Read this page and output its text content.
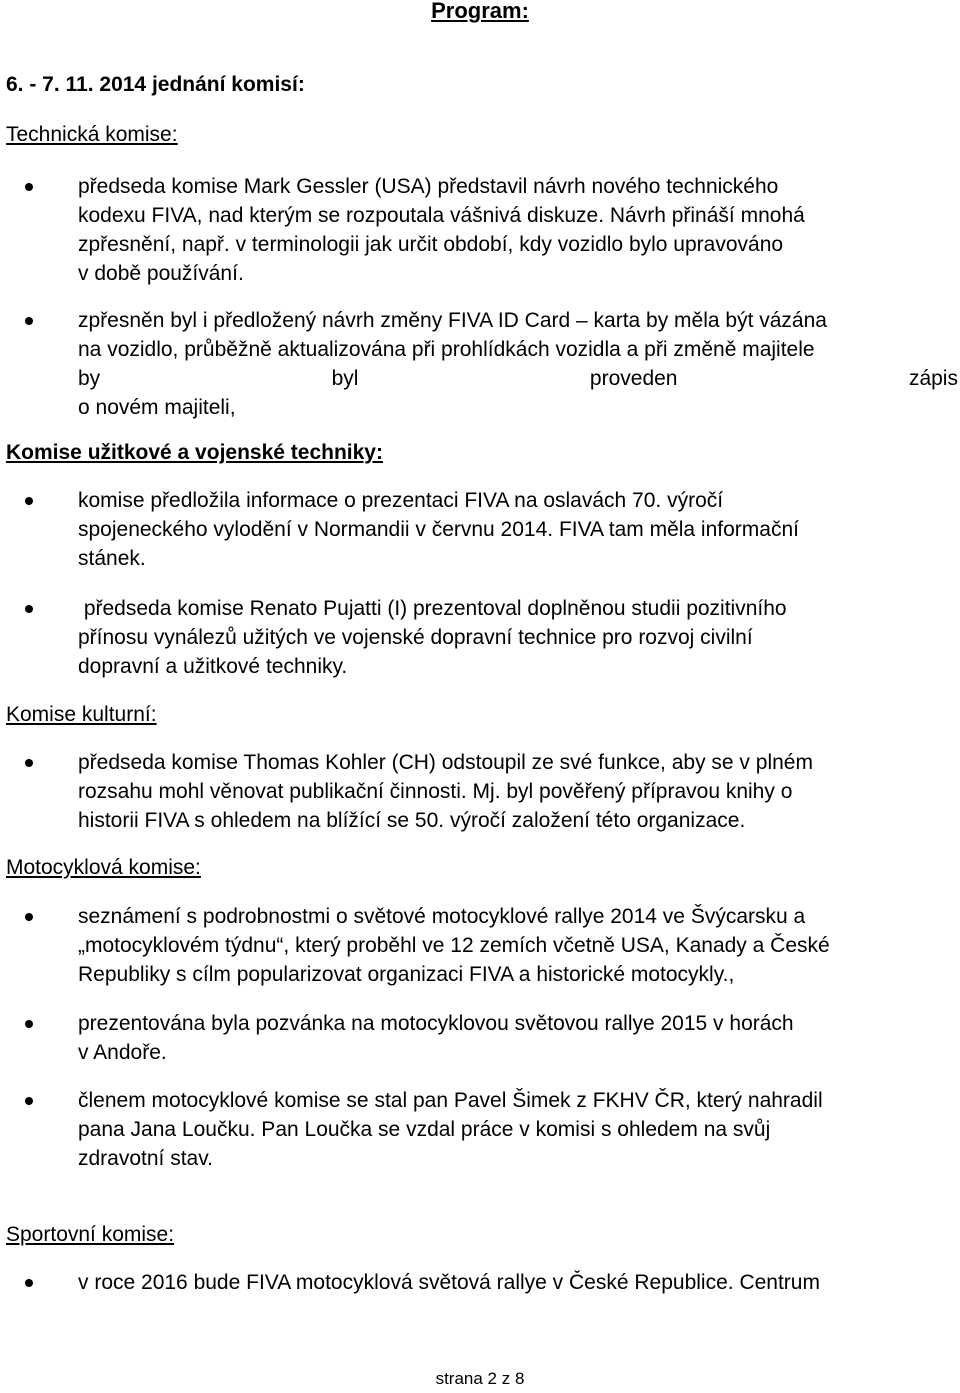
Program:
6. - 7. 11. 2014 jednání komisí:
Technická komise:
předseda komise Mark Gessler (USA) představil návrh nového technického
kodexu FIVA, nad kterým se rozpoutala vášnivá diskuze. Návrh přináší mnohá
zpřesnění, např. v terminologii jak určit období, kdy vozidlo bylo upravováno
v době používání.
zpřesněn byl i předložený návrh změny FIVA ID Card – karta by měla být vázána
na vozidlo, průběžně aktualizována při prohlídkách vozidla a při změně majitele
by	byl	proveden	zápis
o novém majiteli,
Komise užitkové a vojenské techniky:
komise předložila informace o prezentaci FIVA na oslavách 70. výročí
spojeneckého vylodění v Normandii v červnu 2014. FIVA tam měla informační
stánek.
předseda komise Renato Pujatti (I) prezentoval doplněnou studii pozitivního
přínosu vynálezů užitých ve vojenské dopravní technice pro rozvoj civilní
dopravní a užitkové techniky.
Komise kulturní:
předseda komise Thomas Kohler (CH) odstoupil ze své funkce, aby se v plném
rozsahu mohl věnovat publikační činnosti. Mj. byl pověřený přípravou knihy o
historii FIVA s ohledem na blížící se 50. výročí založení této organizace.
Motocyklová komise:
seznámení s podrobnostmi o světové motocyklové rallye 2014 ve Švýcarsku a
„motocyklovém týdnu“, který proběhl ve 12 zemích včetně USA, Kanady a České
Republiky s cílm popularizovat organizaci FIVA a historické motocykly.,
prezentována byla pozvánka na motocyklovou světovou rallye 2015 v horách
v Andoře.
členem motocyklové komise se stal pan Pavel Šimek z FKHV ČR, který nahradil
pana Jana Loučku. Pan Loučka se vzdal práce v komisi s ohledem na svůj
zdravotní stav.
Sportovní komise:
v roce 2016 bude FIVA motocyklová světová rallye v České Republice. Centrum
strana 2 z 8
